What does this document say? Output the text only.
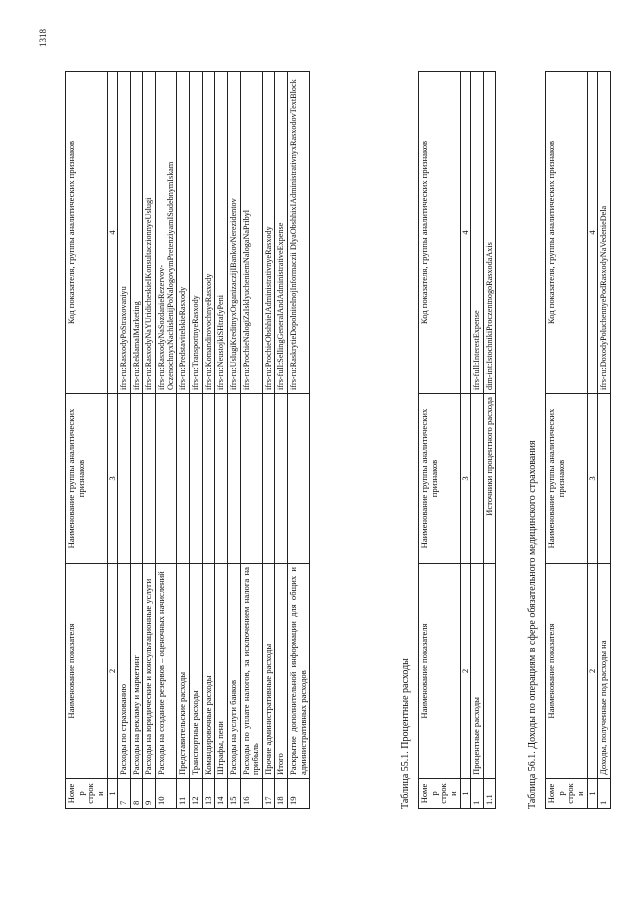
1318
Номер строки	Наименование показателя	Наименование группы аналитических признаков	Код показателя, группы аналитических признаков
1	2	3	4
7	Расходы по страхованию		ifrs-ru:RasxodyPoStraxovaniyu
8	Расходы на рекламу и маркетинг		ifrs-ru:ReklamaIMarketing
9	Расходы на юридические и консультационные услуги		ifrs-ru:RasxodyNaYUridicheskieIKonsultaczionnyeUslugi
10	Расходы на создание резервов – оценочных начислений		ifrs-ru:RasxodyNaSozdanieRezervov-OczenochnyxNachislenijPoNalogovymPretenziyamISudebnymIskam
11	Представительские расходы		ifrs-ru:PredstavitelskieRasxody
12	Транспортные расходы		ifrs-ru:TransportnyeRasxody
13	Командировочные расходы		ifrs-ru:KomandirovochnyeRasxody
14	Штрафы, пени		ifrs-ru:NeustojkiSHtrafyPeni
15	Расходы на услуги банков		ifrs-ru:UslugiKreditnyxOrganizaczijIBankovNerezidentov
16	Расходы по уплате налогов, за исключением налога на прибыль		ifrs-ru:ProchieNalogiZaIsklyucheniemNalogaNaPribyl
17	Прочие административные расходы		ifrs-ru:ProchieObshhieIAdministrativnyeRasxody
18	Итого		ifrs-full:SellingGeneralAndAdministrativeExpense
19	Раскрытие дополнительной информации для общих и административных расходов		ifrs-ru:RaskrytieDopolnitelnojInformaczii DlyaObshhixIAdministrativnyxRasxodovTextBlock
Таблица 55.1. Процентные расходы Номер строки	Наименование показателя	Наименование группы аналитических признаков	Код показателя, группы аналитических признаков
1	2	3	4
1	Процентные расходы		ifrs-full:InterestExpense
1.1		Источники процентного расхода	dim-int:IstochnikiProczentnogoRasxodaAxis
Таблица 56.1. Доходы по операциям в сфере обязательного медицинского страхования Номер строки	Наименование показателя	Наименование группы аналитических признаков	Код показателя, группы аналитических признаков
1	2	3	4
1	Доходы, полученные под расходы на		ifrs-ru:DoxodyPoluchennyePodRasxodyNaVedenieDela
